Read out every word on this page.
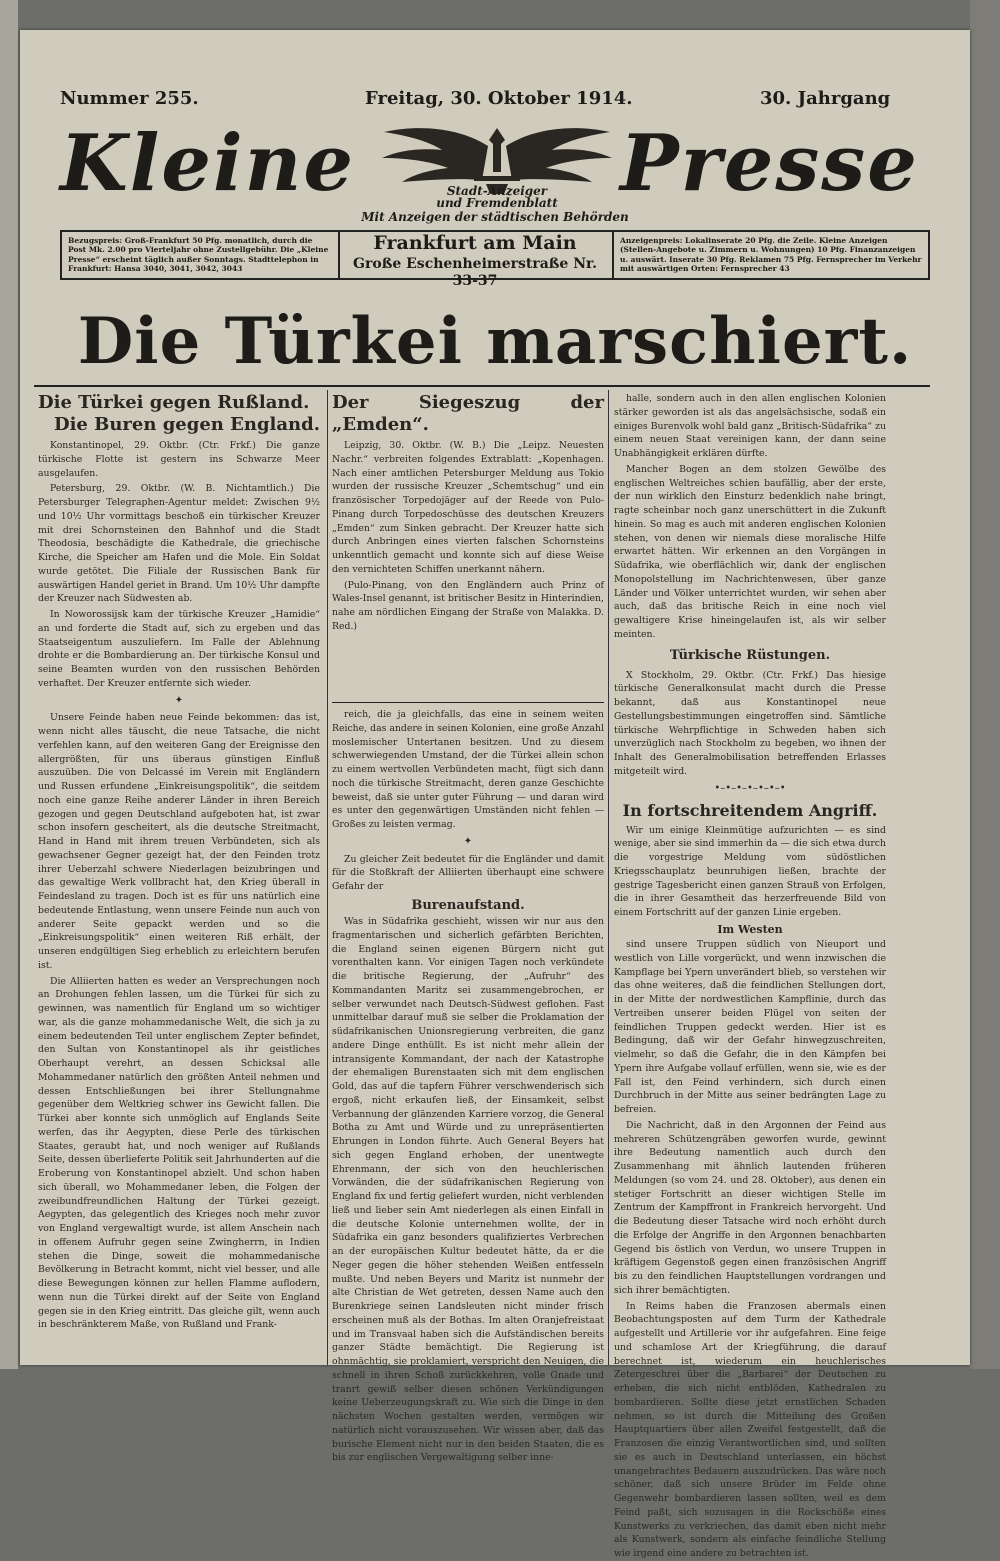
Nummer 255.	Freitag, 30. Oktober 1914.	30. Jahrgang
Kleine	Presse
Stadt-Anzeiger
und Fremdenblatt
Mit Anzeigen der städtischen Behörden
Bezugspreis: Groß-Frankfurt 50 Pfg. monatlich, durch die Post Mk. 2.00 pro Vierteljahr ohne Zustellgebühr. Die „Kleine Presse“ erscheint täglich außer Sonntags. Stadttelephon in Frankfurt: Hansa 3040, 3041, 3042, 3043
Frankfurt am Main
Große Eschenheimerstraße Nr. 33-37
Anzeigenpreis: Lokalinserate 20 Pfg. die Zeile. Kleine Anzeigen (Stellen-Angebote u. Zimmern u. Wohnungen) 10 Pfg. Finanzanzeigen u. auswärt. Inserate 30 Pfg. Reklamen 75 Pfg. Fernsprecher im Verkehr mit auswärtigen Orten: Fernsprecher 43
Die Türkei marschiert.
Die Türkei gegen Rußland.
Die Buren gegen England.

Konstantinopel, 29. Oktbr. (Ctr. Frkf.) Die ganze türkische Flotte ist gestern ins Schwarze Meer ausgelaufen.

Petersburg, 29. Oktbr. (W. B. Nichtamtlich.) Die Petersburger Telegraphen-Agentur meldet: Zwischen 9½ und 10½ Uhr vormittags beschoß ein türkischer Kreuzer mit drei Schornsteinen den Bahnhof und die Stadt Theodosia, beschädigte die Kathedrale, die griechische Kirche, die Speicher am Hafen und die Mole. Ein Soldat wurde getötet. Die Filiale der Russischen Bank für auswärtigen Handel geriet in Brand. Um 10½ Uhr dampfte der Kreuzer nach Südwesten ab.

In Noworossijsk kam der türkische Kreuzer „Hamidie“ an und forderte die Stadt auf, sich zu ergeben und das Staatseigentum auszuliefern. Im Falle der Ablehnung drohte er die Bombardierung an. Der türkische Konsul und seine Beamten wurden von den russischen Behörden verhaftet. Der Kreuzer entfernte sich wieder.

✦

Unsere Feinde haben neue Feinde bekommen: das ist, wenn nicht alles täuscht, die neue Tatsache, die nicht verfehlen kann, auf den weiteren Gang der Ereignisse den allergrößten, für uns überaus günstigen Einfluß auszuüben. Die von Delcassé im Verein mit Engländern und Russen erfundene „Einkreisungspolitik“, die seitdem noch eine ganze Reihe anderer Länder in ihren Bereich gezogen und gegen Deutschland aufgeboten hat, ist zwar schon insofern gescheitert, als die deutsche Streitmacht, Hand in Hand mit ihrem treuen Verbündeten, sich als gewachsener Gegner gezeigt hat, der den Feinden trotz ihrer Ueberzahl schwere Niederlagen beizubringen und das gewaltige Werk vollbracht hat, den Krieg überall in Feindesland zu tragen. Doch ist es für uns natürlich eine bedeutende Entlastung, wenn unsere Feinde nun auch von anderer Seite gepackt werden und so die „Einkreisungspolitik“ einen weiteren Riß erhält, der unseren endgültigen Sieg erheblich zu erleichtern berufen ist.

Die Alliierten hatten es weder an Versprechungen noch an Drohungen fehlen lassen, um die Türkei für sich zu gewinnen, was namentlich für England um so wichtiger war, als die ganze mohammedanische Welt, die sich ja zu einem bedeutenden Teil unter englischem Zepter befindet, den Sultan von Konstantinopel als ihr geistliches Oberhaupt verehrt, an dessen Schicksal alle Mohammedaner natürlich den größten Anteil nehmen und dessen Entschließungen bei ihrer Stellungnahme gegenüber dem Weltkrieg schwer ins Gewicht fallen. Die Türkei aber konnte sich unmöglich auf Englands Seite werfen, das ihr Aegypten, diese Perle des türkischen Staates, geraubt hat, und noch weniger auf Rußlands Seite, dessen überlieferte Politik seit Jahrhunderten auf die Eroberung von Konstantinopel abzielt. Und schon haben sich überall, wo Mohammedaner leben, die Folgen der zweibundfreundlichen Haltung der Türkei gezeigt. Aegypten, das gelegentlich des Krieges noch mehr zuvor von England vergewaltigt wurde, ist allem Anschein nach in offenem Aufruhr gegen seine Zwingherrn, in Indien stehen die Dinge, soweit die mohammedanische Bevölkerung in Betracht kommt, nicht viel besser, und alle diese Bewegungen können zur hellen Flamme auflodern, wenn nun die Türkei direkt auf der Seite von England gegen sie in den Krieg eintritt. Das gleiche gilt, wenn auch in beschränkterem Maße, von Rußland und Frank-

Der Siegeszug der „Emden“.

Leipzig, 30. Oktbr. (W. B.) Die „Leipz. Neuesten Nachr.“ verbreiten folgendes Extrablatt: „Kopenhagen. Nach einer amtlichen Petersburger Meldung aus Tokio wurden der russische Kreuzer „Schemtschug“ und ein französischer Torpedojäger auf der Reede von Pulo-Pinang durch Torpedoschüsse des deutschen Kreuzers „Emden“ zum Sinken gebracht. Der Kreuzer hatte sich durch Anbringen eines vierten falschen Schornsteins unkenntlich gemacht und konnte sich auf diese Weise den vernichteten Schiffen unerkannt nähern.

(Pulo-Pinang, von den Engländern auch Prinz of Wales-Insel genannt, ist britischer Besitz in Hinterindien, nahe am nördlichen Eingang der Straße von Malakka. D. Red.)

reich, die ja gleichfalls, das eine in seinem weiten Reiche, das andere in seinen Kolonien, eine große Anzahl moslemischer Untertanen besitzen. Und zu diesem schwerwiegenden Umstand, der die Türkei allein schon zu einem wertvollen Verbündeten macht, fügt sich dann noch die türkische Streitmacht, deren ganze Geschichte beweist, daß sie unter guter Führung — und daran wird es unter den gegenwärtigen Umständen nicht fehlen — Großes zu leisten vermag.

✦

Zu gleicher Zeit bedeutet für die Engländer und damit für die Stoßkraft der Alliierten überhaupt eine schwere Gefahr der

Burenaufstand.

Was in Südafrika geschieht, wissen wir nur aus den fragmentarischen und sicherlich gefärbten Berichten, die England seinen eigenen Bürgern nicht gut vorenthalten kann. Vor einigen Tagen noch verkündete die britische Regierung, der „Aufruhr“ des Kommandanten Maritz sei zusammengebrochen, er selber verwundet nach Deutsch-Südwest geflohen. Fast unmittelbar darauf muß sie selber die Proklamation der südafrikanischen Unionsregierung verbreiten, die ganz andere Dinge enthüllt. Es ist nicht mehr allein der intransigente Kommandant, der nach der Katastrophe der ehemaligen Burenstaaten sich mit dem englischen Gold, das auf die tapfern Führer verschwenderisch sich ergoß, nicht erkaufen ließ, der Einsamkeit, selbst Verbannung der glänzenden Karriere vorzog, die General Botha zu Amt und Würde und zu unrepräsentierten Ehrungen in London führte. Auch General Beyers hat sich gegen England erhoben, der unentwegte Ehrenmann, der sich von den heuchlerischen Vorwänden, die der südafrikanischen Regierung von England fix und fertig geliefert wurden, nicht verblenden ließ und lieber sein Amt niederlegen als einen Einfall in die deutsche Kolonie unternehmen wollte, der in Südafrika ein ganz besonders qualifiziertes Verbrechen an der europäischen Kultur bedeutet hätte, da er die Neger gegen die höher stehenden Weißen entfesseln mußte. Und neben Beyers und Maritz ist nunmehr der alte Christian de Wet getreten, dessen Name auch den Burenkriege seinen Landsleuten nicht minder frisch erscheinen muß als der Bothas. Im alten Oranjefreistaat und im Transvaal haben sich die Aufständischen bereits ganzer Städte bemächtigt. Die Regierung ist ohnmächtig, sie proklamiert, verspricht den Neuigen, die schnell in ihren Schoß zurückkehren, volle Gnade und tranrt gewiß selber diesen schönen Verkündigungen keine Ueberzeugungskraft zu. Wie sich die Dinge in den nächsten Wochen gestalten werden, vermögen wir natürlich nicht vorauszusehen. Wir wissen aber, daß das burische Element nicht nur in den beiden Staaten, die es bis zur englischen Vergewaltigung selber inne-

halle, sondern auch in den allen englischen Kolonien stärker geworden ist als das angelsächsische, sodaß ein einiges Burenvolk wohl bald ganz „Britisch-Südafrika“ zu einem neuen Staat vereinigen kann, der dann seine Unabhängigkeit erklären dürfte.

Mancher Bogen an dem stolzen Gewölbe des englischen Weltreiches schien baufällig, aber der erste, der nun wirklich den Einsturz bedenklich nahe bringt, ragte scheinbar noch ganz unerschüttert in die Zukunft hinein. So mag es auch mit anderen englischen Kolonien stehen, von denen wir niemals diese moralische Hilfe erwartet hätten. Wir erkennen an den Vorgängen in Südafrika, wie oberflächlich wir, dank der englischen Monopolstellung im Nachrichtenwesen, über ganze Länder und Völker unterrichtet wurden, wir sehen aber auch, daß das britische Reich in eine noch viel gewaltigere Krise hineingelaufen ist, als wir selber meinten.

Türkische Rüstungen.

X Stockholm, 29. Oktbr. (Ctr. Frkf.) Das hiesige türkische Generalkonsulat macht durch die Presse bekannt, daß aus Konstantinopel neue Gestellungsbestimmungen eingetroffen sind. Sämtliche türkische Wehrpflichtige in Schweden haben sich unverzüglich nach Stockholm zu begeben, wo ihnen der Inhalt des Generalmobilisation betreffenden Erlasses mitgeteilt wird.

•–•–•–•–•–•–•
In fortschreitendem Angriff.

Wir um einige Kleinmütige aufzurichten — es sind wenige, aber sie sind immerhin da — die sich etwa durch die vorgestrige Meldung vom südöstlichen Kriegsschauplatz beunruhigen ließen, brachte der gestrige Tagesbericht einen ganzen Strauß von Erfolgen, die in ihrer Gesamtheit das herzerfreuende Bild von einem Fortschritt auf der ganzen Linie ergeben.

Im Westen

sind unsere Truppen südlich von Nieuport und westlich von Lille vorgerückt, und wenn inzwischen die Kampflage bei Ypern unverändert blieb, so verstehen wir das ohne weiteres, daß die feindlichen Stellungen dort, in der Mitte der nordwestlichen Kampflinie, durch das Vertreiben unserer beiden Flügel von seiten der feindlichen Truppen gedeckt werden. Hier ist es Bedingung, daß wir der Gefahr hinwegzuschreiten, vielmehr, so daß die Gefahr, die in den Kämpfen bei Ypern ihre Aufgabe vollauf erfüllen, wenn sie, wie es der Fall ist, den Feind verhindern, sich durch einen Durchbruch in der Mitte aus seiner bedrängten Lage zu befreien.

Die Nachricht, daß in den Argonnen der Feind aus mehreren Schützengräben geworfen wurde, gewinnt ihre Bedeutung namentlich auch durch den Zusammenhang mit ähnlich lautenden früheren Meldungen (so vom 24. und 28. Oktober), aus denen ein stetiger Fortschritt an dieser wichtigen Stelle im Zentrum der Kampffront in Frankreich hervorgeht. Und die Bedeutung dieser Tatsache wird noch erhöht durch die Erfolge der Angriffe in den Argonnen benachbarten Gegend bis östlich von Verdun, wo unsere Truppen in kräftigem Gegenstoß gegen einen französischen Angriff bis zu den feindlichen Hauptstellungen vordrangen und sich ihrer bemächtigten.

In Reims haben die Franzosen abermals einen Beobachtungsposten auf dem Turm der Kathedrale aufgestellt und Artillerie vor ihr aufgefahren. Eine feige und schamlose Art der Kriegführung, die darauf berechnet ist, wiederum ein heuchlerisches Zetergeschrei über die „Barbarei“ der Deutschen zu erheben, die sich nicht entblöden, Kathedralen zu bombardieren. Sollte diese jetzt ernstlichen Schaden nehmen, so ist durch die Mitteilung des Großen Hauptquartiers über allen Zweifel festgestellt, daß die Franzosen die einzig Verantwortlichen sind, und sollten sie es auch in Deutschland unterlassen, ein höchst unangebrachtes Bedauern auszudrücken. Das wäre noch schöner, daß sich unsere Brüder im Felde ohne Gegenwehr bombardieren lassen sollten, weil es dem Feind paßt, sich sozusagen in die Rockschöße eines Kunstwerks zu verkriechen, das damit eben nicht mehr als Kunstwerk, sondern als einfache feindliche Stellung wie irgend eine andere zu betrachten ist.
